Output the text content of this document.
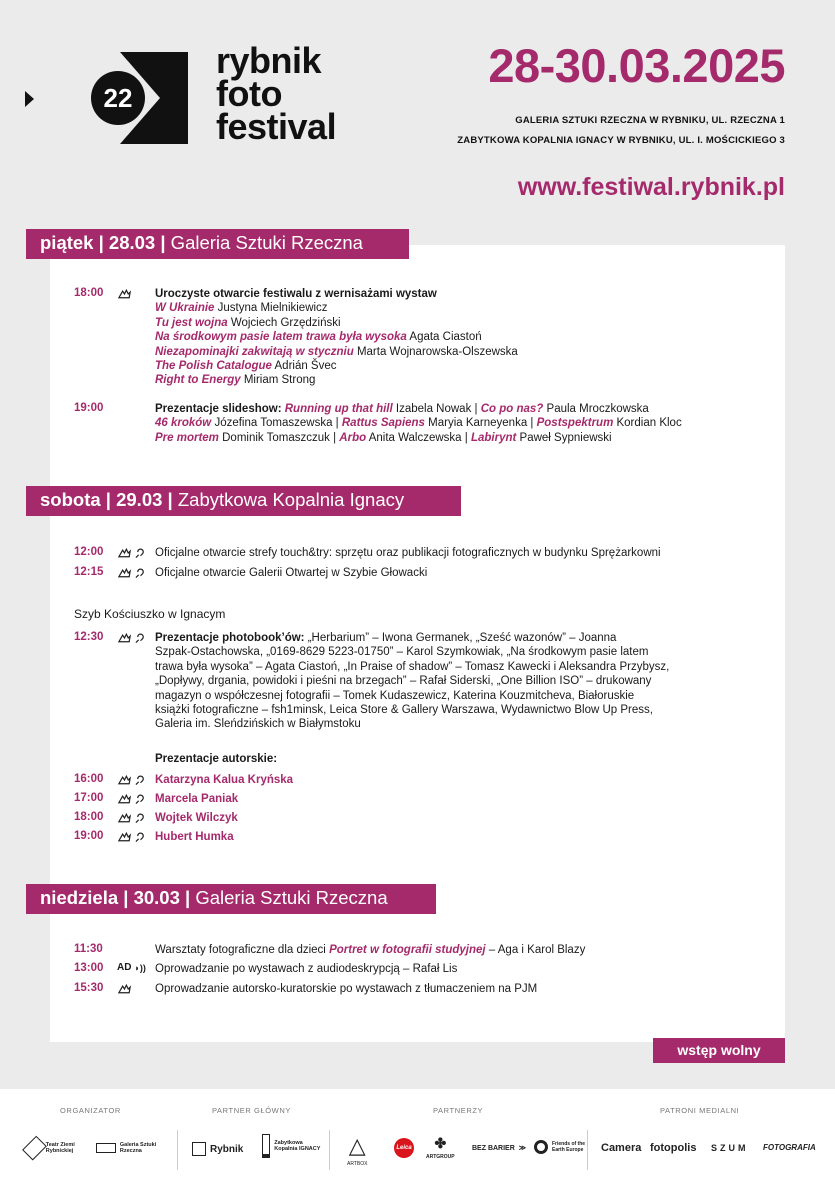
22
rybnik
foto
festival
28-30.03.2025
GALERIA SZTUKI RZECZNA W RYBNIKU, UL. RZECZNA 1
ZABYTKOWA KOPALNIA IGNACY W RYBNIKU, UL. I. MOŚCICKIEGO 3
www.festiwal.rybnik.pl
piątek | 28.03 | Galeria Sztuki Rzeczna
18:00	Uroczyste otwarcie festiwalu z wernisażami wystaw
W Ukrainie Justyna Mielnikiewicz
Tu jest wojna Wojciech Grzędziński
Na środkowym pasie latem trawa była wysoka Agata Ciastoń
Niezapominajki zakwitają w styczniu Marta Wojnarowska-Olszewska
The Polish Catalogue Adrián Švec
Right to Energy Miriam Strong
19:00	Prezentacje slideshow: Running up that hill Izabela Nowak | Co po nas? Paula Mroczkowska
46 kroków Józefina Tomaszewska | Rattus Sapiens Maryia Karneyenka | Postspektrum Kordian Kloc
Pre mortem Dominik Tomaszczuk | Arbo Anita Walczewska | Labirynt Paweł Sypniewski
sobota | 29.03 | Zabytkowa Kopalnia Ignacy
12:00	Oficjalne otwarcie strefy touch&try: sprzętu oraz publikacji fotograficznych w budynku Sprężarkowni
12:15	Oficjalne otwarcie Galerii Otwartej w Szybie Głowacki
Szyb Kościuszko w Ignacym
12:30	Prezentacje photobook’ów: „Herbarium” – Iwona Germanek, „Sześć wazonów” – Joanna
Szpak-Ostachowska, „0169-8629 5223-01750” – Karol Szymkowiak, „Na środkowym pasie latem
trawa była wysoka” – Agata Ciastoń, „In Praise of shadow” – Tomasz Kawecki i Aleksandra Przybysz,
„Dopływy, drgania, powidoki i pieśni na brzegach” – Rafał Siderski, „One Billion ISO” – drukowany
magazyn o współczesnej fotografii – Tomek Kudaszewicz, Katerina Kouzmitcheva, Białoruskie
książki fotograficzne – fsh1minsk, Leica Store & Gallery Warszawa, Wydawnictwo Blow Up Press,
Galeria im. Sleńdzińskich w Białymstoku
Prezentacje autorskie:
16:00	Katarzyna Kalua Kryńska
17:00	Marcela Paniak
18:00	Wojtek Wilczyk
19:00	Hubert Humka
niedziela | 30.03 | Galeria Sztuki Rzeczna
11:30	Warsztaty fotograficzne dla dzieci Portret w fotografii studyjnej – Aga i Karol Blazy
13:00 AD ◗)) Oprowadzanie po wystawach z audiodeskrypcją – Rafał Lis
15:30	Oprowadzanie autorsko-kuratorskie po wystawach z tłumaczeniem na PJM
wstęp wolny
ORGANIZATOR	PARTNER GŁÓWNY	PARTNERZY	PATRONI MEDIALNI
Teatr Ziemi Rybnickiej
Galeria Sztuki Rzeczna	Rybnik
Zabytkowa Kopalnia IGNACY △
ARTBOX
Leica ✤
ARTGROUP
BEZ BARIER ≫
Friends of the Earth Europe	Camera fotopolis SZUM FOTOGRAFIA
